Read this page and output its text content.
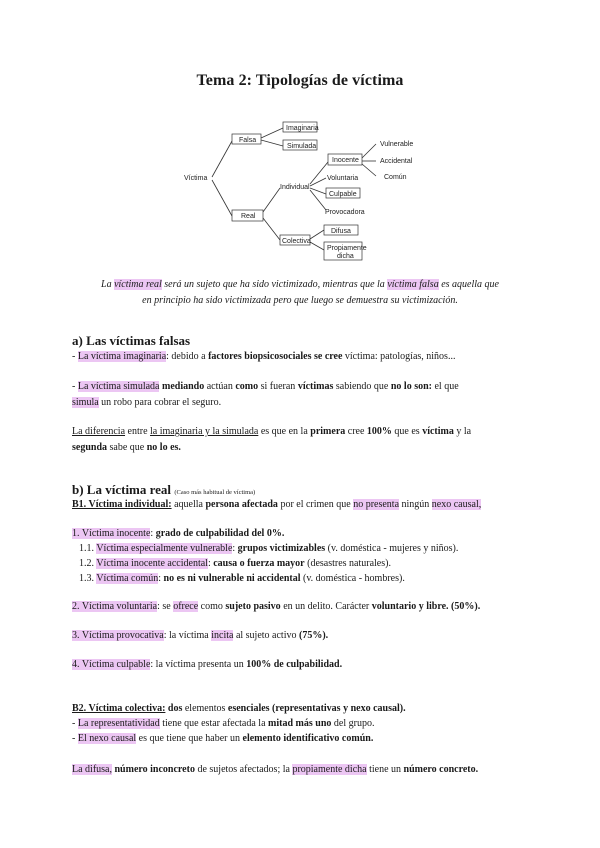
Tema 2: Tipologías de víctima
Víctima
Falsa
Imaginaria
Simulada
Real
Individual
Colectiva
Inocente
Voluntaria
Culpable
Provocadora
Vulnerable
Accidental
Común
Difusa
Propiamente
dicha
La víctima real será un sujeto que ha sido victimizado, mientras que la víctima falsa es aquella que
en principio ha sido victimizada pero que luego se demuestra su victimización.
a) Las víctimas falsas
- La víctima imaginaria: debido a factores biopsicosociales se cree víctima: patologías, niños...
- La víctima simulada mediando actúan como si fueran víctimas sabiendo que no lo son: el que
simula un robo para cobrar el seguro.
La diferencia entre la imaginaria y la simulada es que en la primera cree 100% que es víctima y la
segunda sabe que no lo es.
b) La víctima real (Caso más habitual de víctima)
B1. Víctima individual: aquella persona afectada por el crimen que no presenta ningún nexo causal,
1. Víctima inocente: grado de culpabilidad del 0%.
1.1. Víctima especialmente vulnerable: grupos victimizables (v. doméstica - mujeres y niños).
1.2. Víctima inocente accidental: causa o fuerza mayor (desastres naturales).
1.3. Víctima común: no es ni vulnerable ni accidental (v. doméstica - hombres).
2. Víctima voluntaria: se ofrece como sujeto pasivo en un delito. Carácter voluntario y libre. (50%).
3. Víctima provocativa: la víctima incita al sujeto activo (75%).
4. Víctima culpable: la víctima presenta un 100% de culpabilidad.
B2. Víctima colectiva: dos elementos esenciales (representativas y nexo causal).
- La representatividad tiene que estar afectada la mitad más uno del grupo.
- El nexo causal es que tiene que haber un elemento identificativo común.
La difusa, número inconcreto de sujetos afectados; la propiamente dicha tiene un número concreto.
